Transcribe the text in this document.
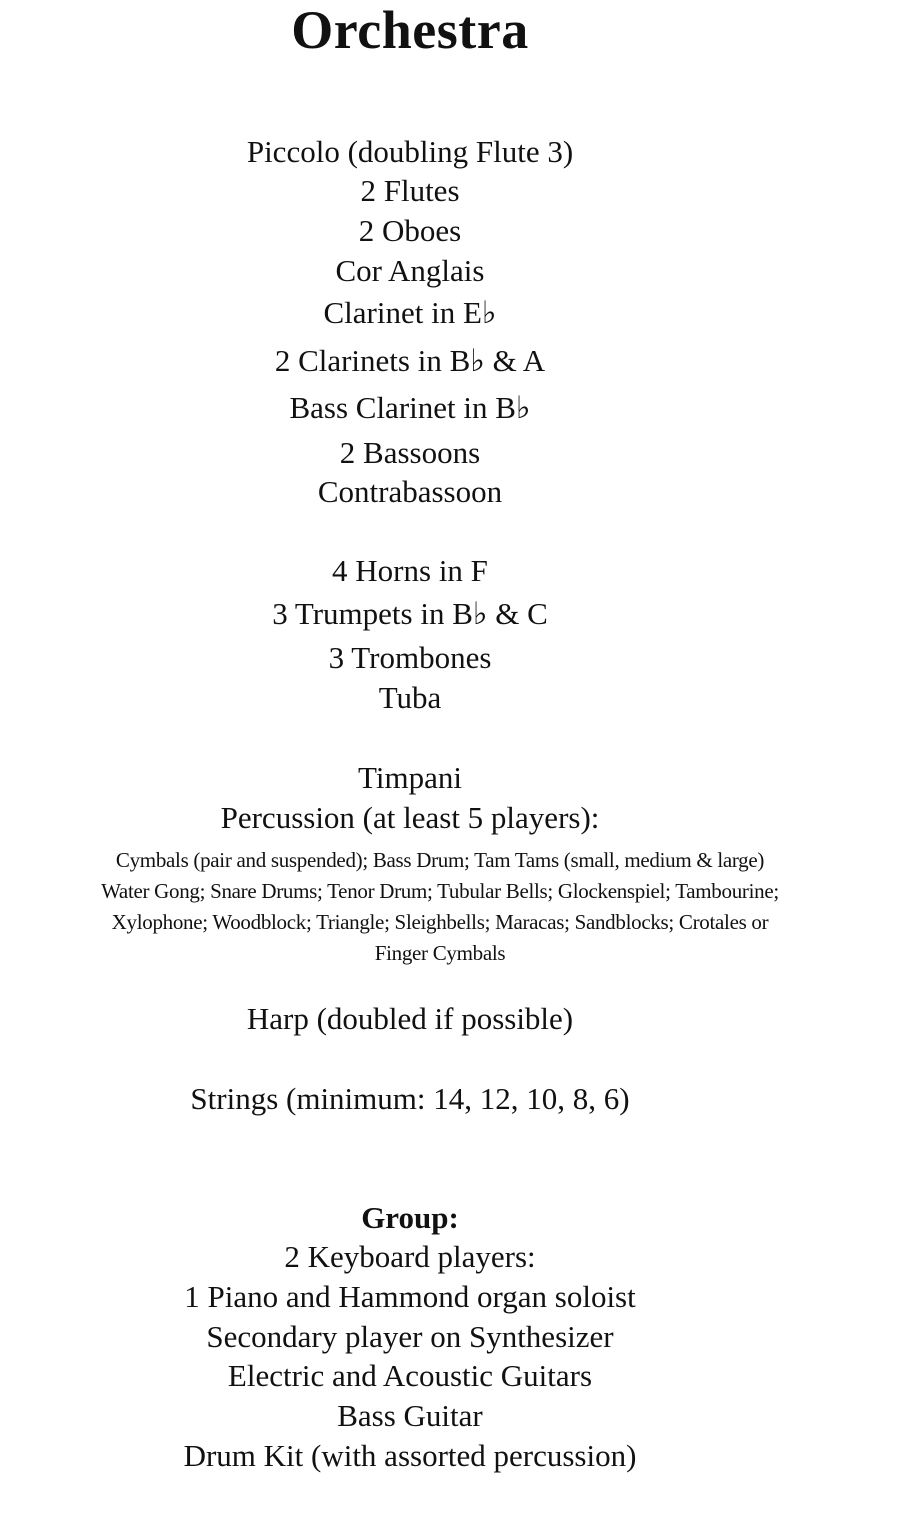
Orchestra
Piccolo (doubling Flute 3)
2 Flutes
2 Oboes
Cor Anglais
Clarinet in E♭
2 Clarinets in B♭ & A
Bass Clarinet in B♭
2 Bassoons
Contrabassoon
4 Horns in F
3 Trumpets in B♭ & C
3 Trombones
Tuba
Timpani
Percussion (at least 5 players):
Cymbals (pair and suspended); Bass Drum; Tam Tams (small, medium & large)
Water Gong; Snare Drums; Tenor Drum; Tubular Bells; Glockenspiel; Tambourine;
Xylophone; Woodblock; Triangle; Sleighbells; Maracas; Sandblocks; Crotales or
Finger Cymbals
Harp (doubled if possible)
Strings (minimum: 14, 12, 10, 8, 6)
Group:
2 Keyboard players:
1 Piano and Hammond organ soloist
Secondary player on Synthesizer
Electric and Acoustic Guitars
Bass Guitar
Drum Kit (with assorted percussion)
